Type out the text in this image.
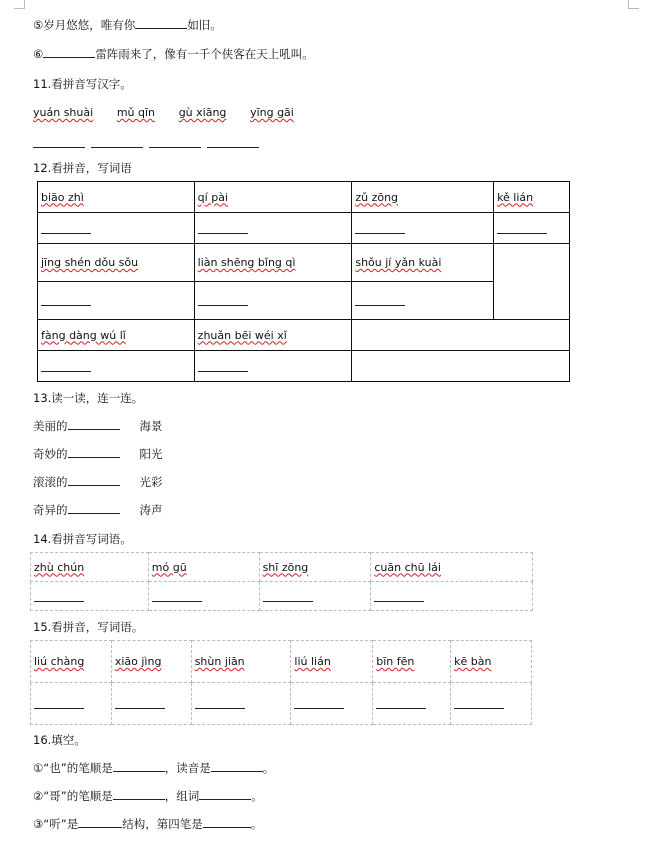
⑤岁月悠悠，唯有你	如旧。
⑥	雷阵雨来了，像有一千个侠客在天上吼叫。
11.看拼音写汉字。
yuán shuài mǔ qīn gù xiāng yīng gāi
12.看拼音，写词语
biāo zhì	qí pài	zǔ zōng	kě lián

jīng shén dǒu sǒu	liàn shēng bǐng qì	shǒu jí yǎn kuài	

fàng dàng wú lǐ	zhuǎn bēi wéi xǐ		

13.读一读，连一连。
美丽的	海景
奇妙的	阳光
滚滚的	光彩
奇异的	涛声
14.看拼音写词语。
zhù chún	mó gū	shī zōng	cuān chū lái

15.看拼音，写词语。
liú chàng	xiāo jìng	shùn jiān	liú lián	bīn fēn	kē bàn

16.填空。
①“也”的笔顺是	，读音是	。
②“哥”的笔顺是	，组词	。
③“听”是	结构，第四笔是	。
